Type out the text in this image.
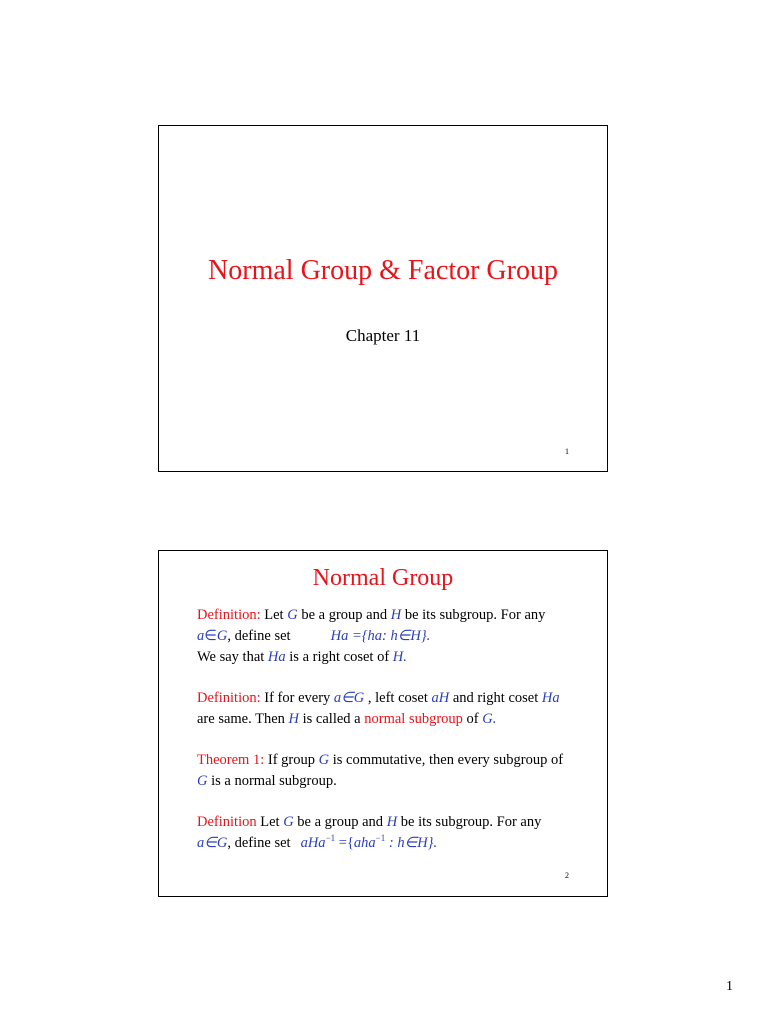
Normal Group & Factor Group
Chapter 11
1
Normal Group
Definition: Let G be a group and H be its subgroup. For any
a∈G, define set	Ha ={ha: h∈H}.
We say that Ha is a right coset of H.
Definition: If for every a∈G , left coset aH and right coset Ha
are same. Then H is called a normal subgroup of G.
Theorem 1: If group G is commutative, then every subgroup of
G is a normal subgroup.
Definition Let G be a group and H be its subgroup. For any
a∈G, define set aHa$^{-1}$ ={aha$^{-1}$ : h∈H}.
2
1
